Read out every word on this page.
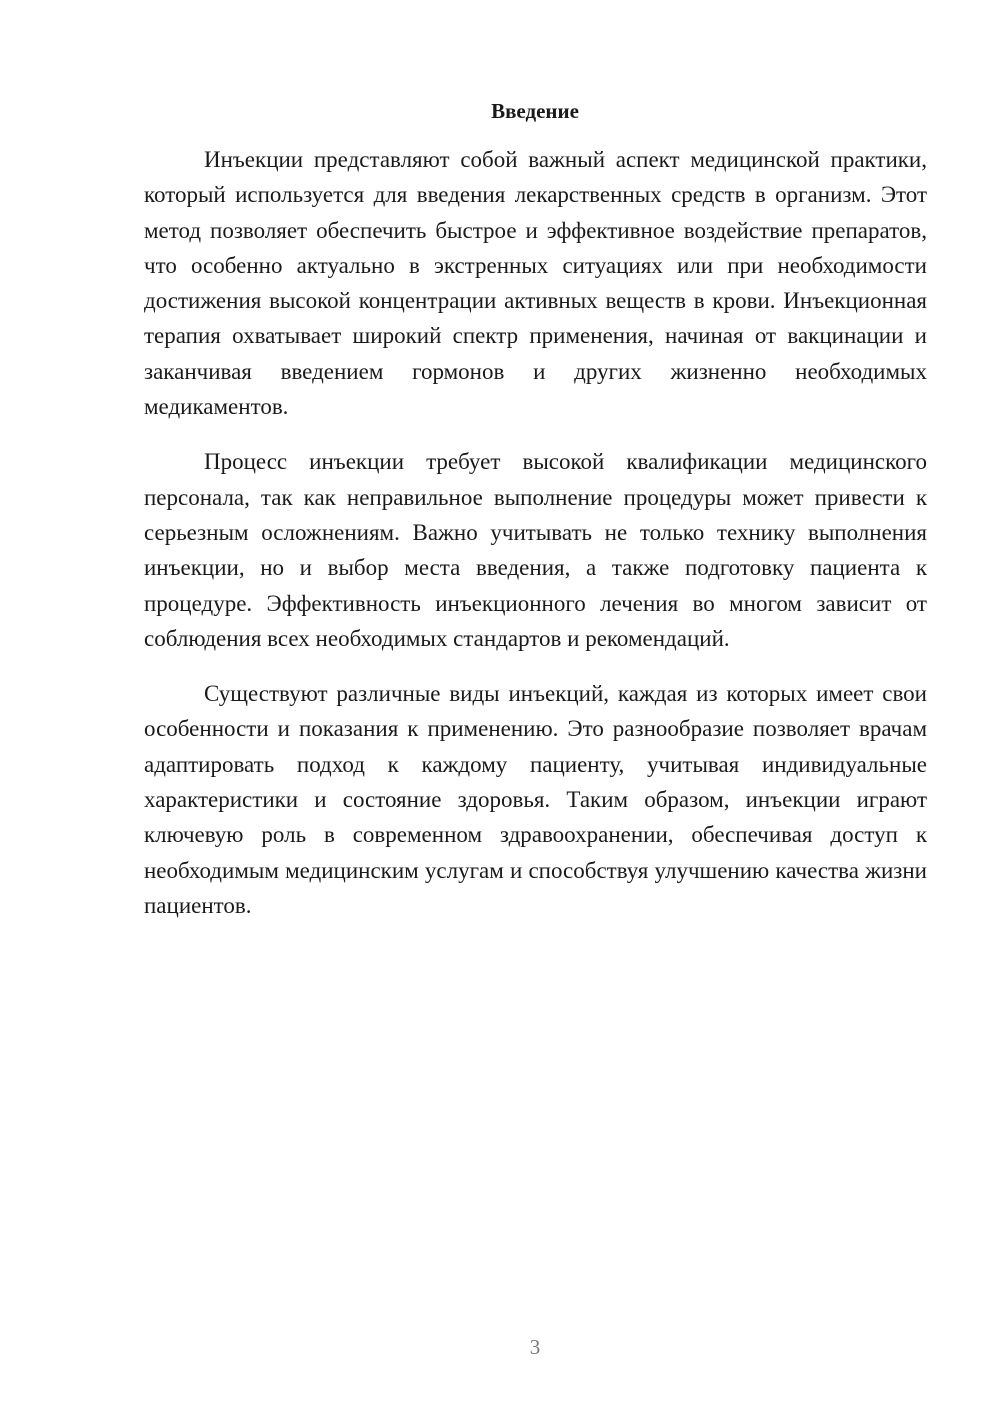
Введение

Инъекции представляют собой важный аспект медицинской практики, который используется для введения лекарственных средств в организм. Этот метод позволяет обеспечить быстрое и эффективное воздействие препаратов, что особенно актуально в экстренных ситуациях или при необходимости достижения высокой концентрации активных веществ в крови. Инъекционная терапия охватывает широкий спектр применения, начиная от вакцинации и заканчивая введением гормонов и других жизненно необходимых медикаментов.

Процесс инъекции требует высокой квалификации медицинского персонала, так как неправильное выполнение процедуры может привести к серьезным осложнениям. Важно учитывать не только технику выполнения инъекции, но и выбор места введения, а также подготовку пациента к процедуре. Эффективность инъекционного лечения во многом зависит от соблюдения всех необходимых стандартов и рекомендаций.

Существуют различные виды инъекций, каждая из которых имеет свои особенности и показания к применению. Это разнообразие позволяет врачам адаптировать подход к каждому пациенту, учитывая индивидуальные характеристики и состояние здоровья. Таким образом, инъекции играют ключевую роль в современном здравоохранении, обеспечивая доступ к необходимым медицинским услугам и способствуя улучшению качества жизни пациентов.

3
